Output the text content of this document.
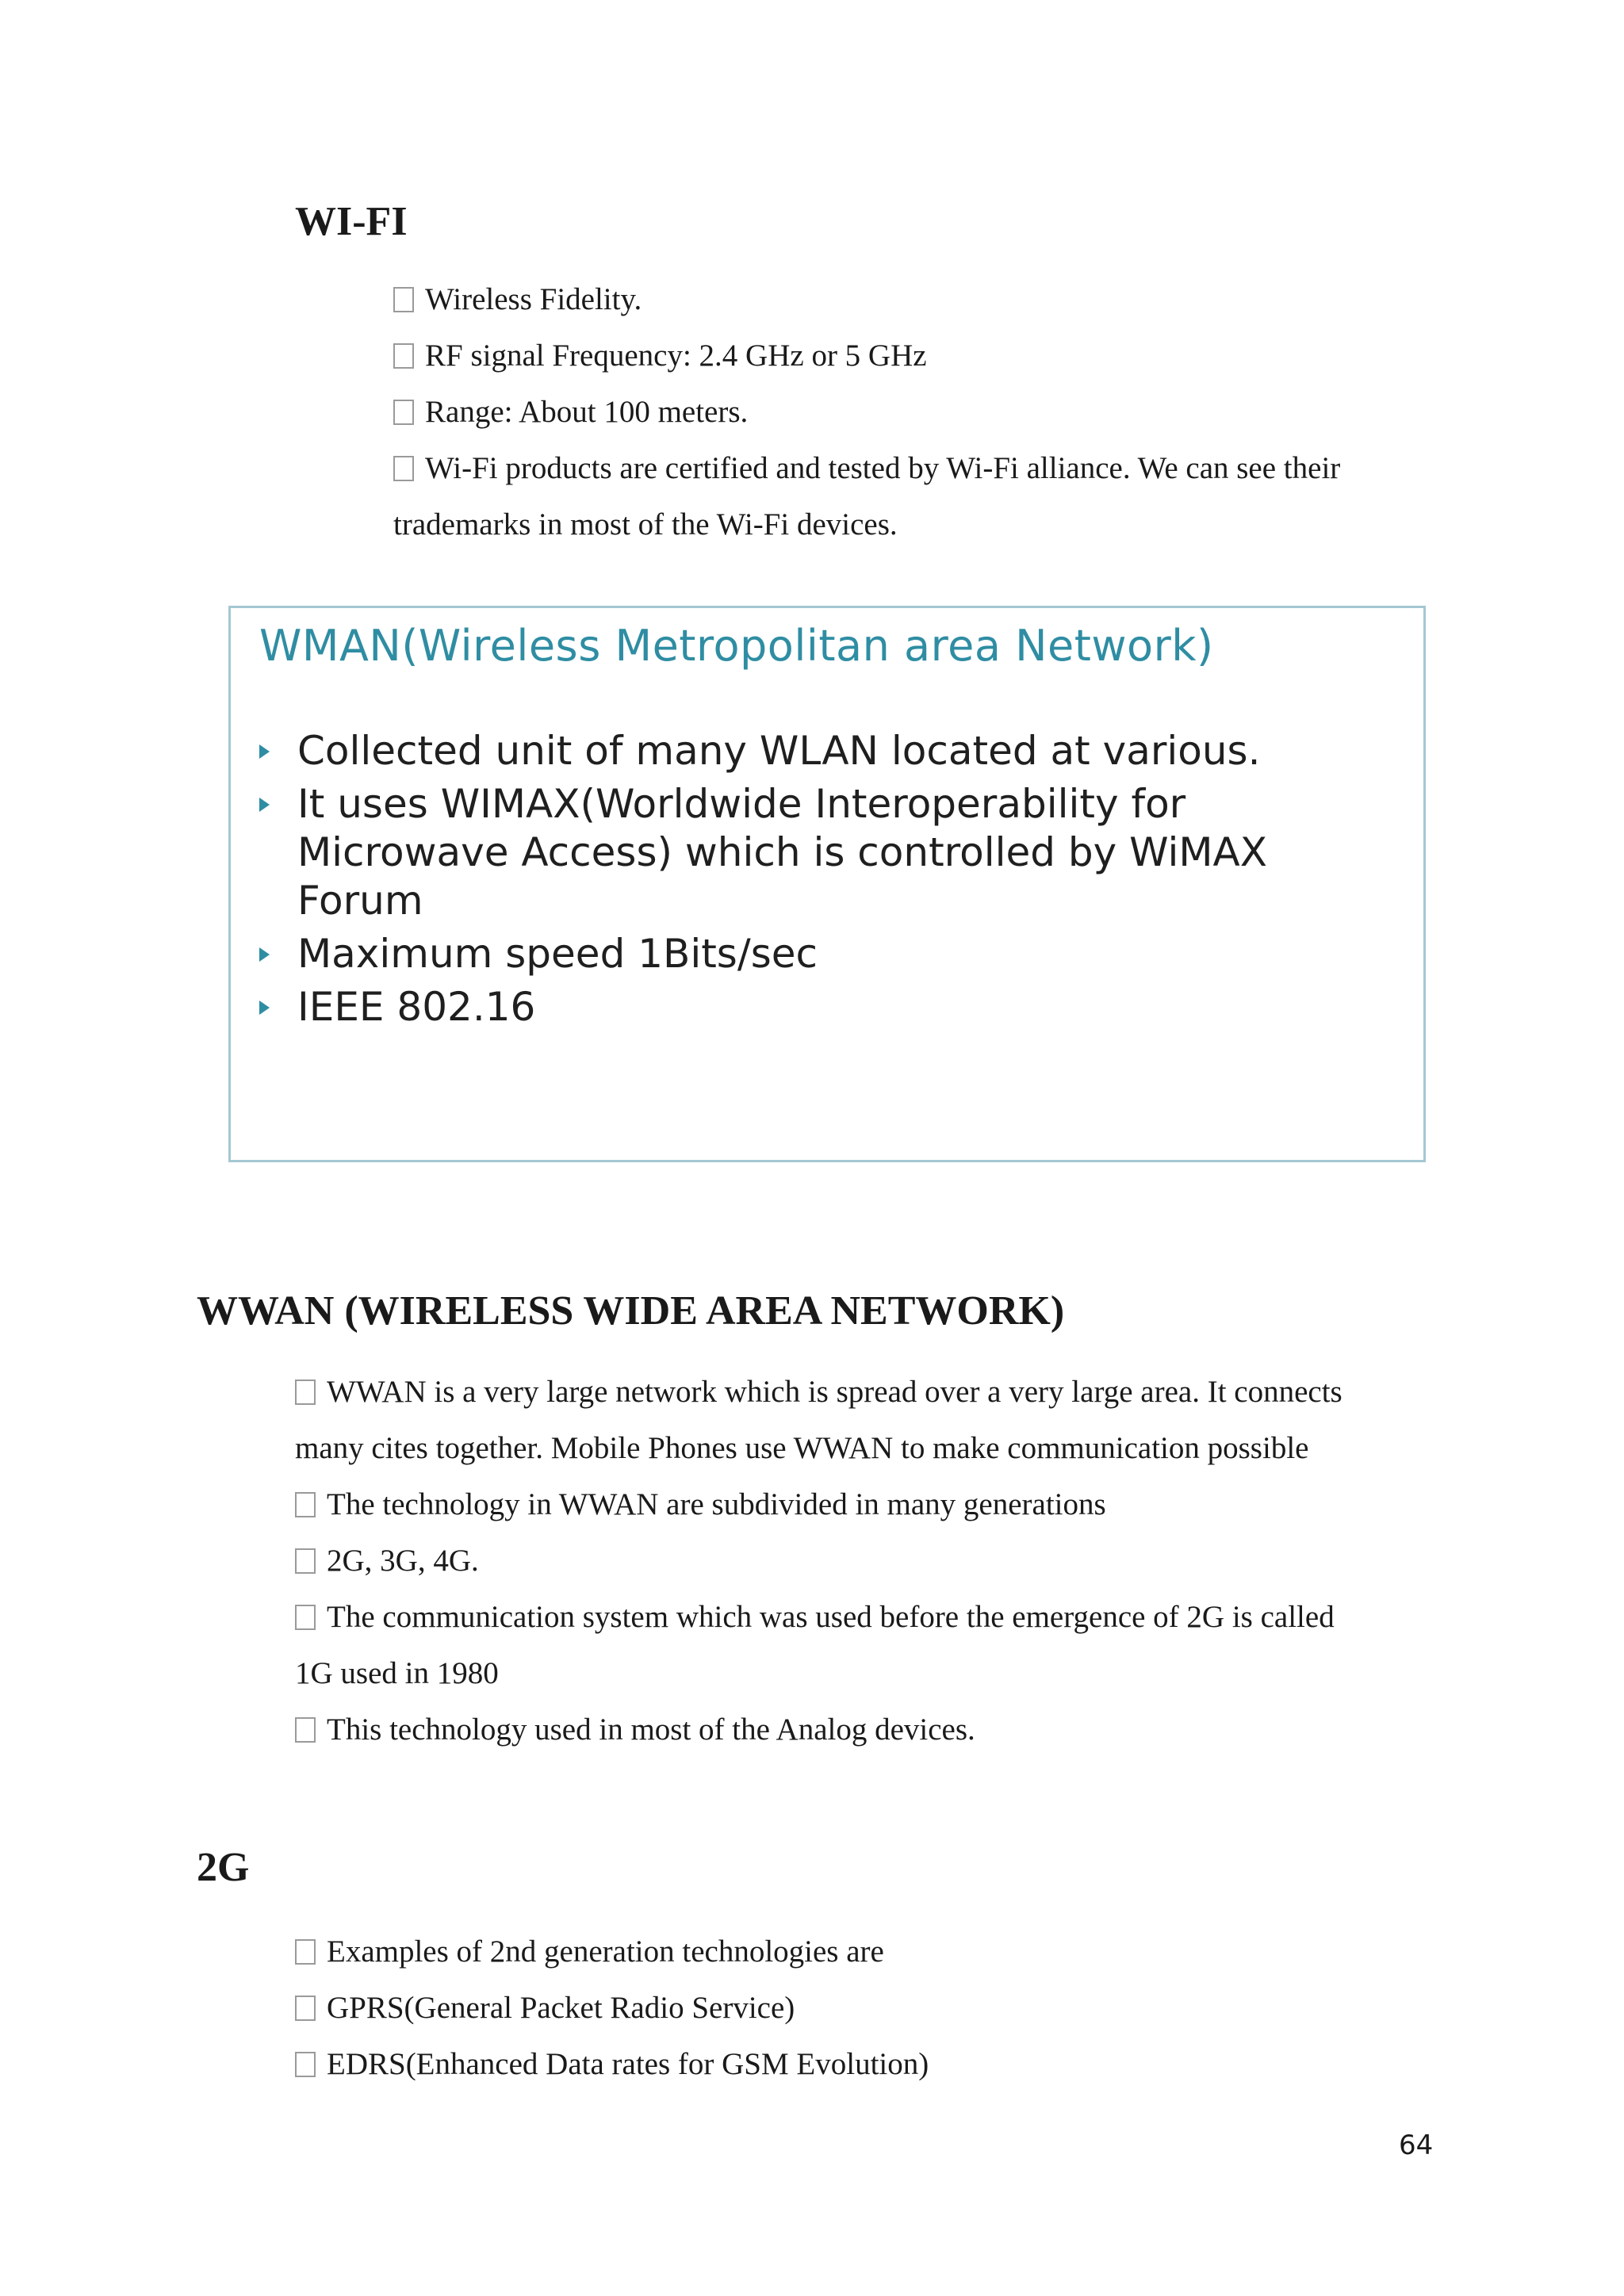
WI-FI
Wireless Fidelity.
RF signal Frequency: 2.4 GHz or 5 GHz
Range: About 100 meters.
Wi-Fi products are certified and tested by Wi-Fi alliance. We can see their
trademarks in most of the Wi-Fi devices.
WMAN(Wireless Metropolitan area Network)
Collected unit of many WLAN located at various.
It uses WIMAX(Worldwide Interoperability for
Microwave Access) which is controlled by WiMAX
Forum
Maximum speed 1Bits/sec
IEEE 802.16
WWAN (WIRELESS WIDE AREA NETWORK)
WWAN is a very large network which is spread over a very large area. It connects
many cites together. Mobile Phones use WWAN to make communication possible
The technology in WWAN are subdivided in many generations
2G, 3G, 4G.
The communication system which was used before the emergence of 2G is called
1G used in 1980
This technology used in most of the Analog devices.
2G
Examples of 2nd generation technologies are
GPRS(General Packet Radio Service)
EDRS(Enhanced Data rates for GSM Evolution)
64
